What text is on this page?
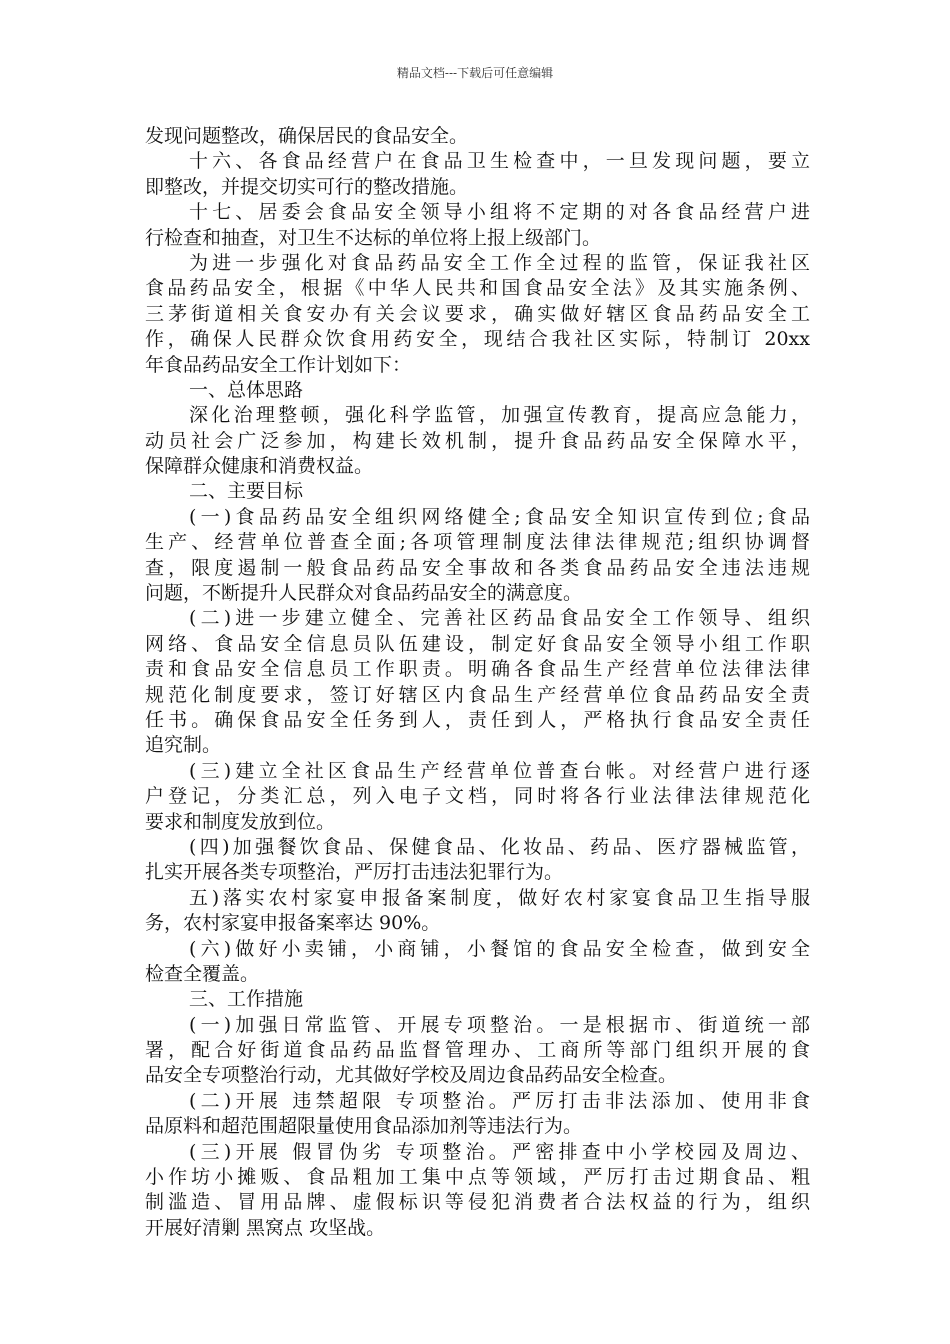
精品文档---下载后可任意编辑
发现问题整改，确保居民的食品安全。
十六、各食品经营户在食品卫生检查中，一旦发现问题，要立
即整改，并提交切实可行的整改措施。
十七、居委会食品安全领导小组将不定期的对各食品经营户进
行检查和抽查，对卫生不达标的单位将上报上级部门。
为进一步强化对食品药品安全工作全过程的监管，保证我社区
食品药品安全，根据《中华人民共和国食品安全法》及其实施条例、
三茅街道相关食安办有关会议要求，确实做好辖区食品药品安全工
作，确保人民群众饮食用药安全，现结合我社区实际，特制订 20xx
年食品药品安全工作计划如下：
一、总体思路
深化治理整顿，强化科学监管，加强宣传教育，提高应急能力，
动员社会广泛参加，构建长效机制，提升食品药品安全保障水平，
保障群众健康和消费权益。
二、主要目标
(一)食品药品安全组织网络健全;食品安全知识宣传到位;食品
生产、经营单位普查全面;各项管理制度法律法律规范;组织协调督
查，限度遏制一般食品药品安全事故和各类食品药品安全违法违规
问题，不断提升人民群众对食品药品安全的满意度。
(二)进一步建立健全、完善社区药品食品安全工作领导、组织
网络、食品安全信息员队伍建设，制定好食品安全领导小组工作职
责和食品安全信息员工作职责。明确各食品生产经营单位法律法律
规范化制度要求，签订好辖区内食品生产经营单位食品药品安全责
任书。确保食品安全任务到人，责任到人，严格执行食品安全责任
追究制。
(三)建立全社区食品生产经营单位普查台帐。对经营户进行逐
户登记，分类汇总，列入电子文档，同时将各行业法律法律规范化
要求和制度发放到位。
(四)加强餐饮食品、保健食品、化妆品、药品、医疗器械监管，
扎实开展各类专项整治，严厉打击违法犯罪行为。
五)落实农村家宴申报备案制度，做好农村家宴食品卫生指导服
务，农村家宴申报备案率达 90%。
(六)做好小卖铺，小商铺，小餐馆的食品安全检查，做到安全
检查全覆盖。
三、工作措施
(一)加强日常监管、开展专项整治。一是根据市、街道统一部
署，配合好街道食品药品监督管理办、工商所等部门组织开展的食
品安全专项整治行动，尤其做好学校及周边食品药品安全检查。
(二)开展 违禁超限 专项整治。严厉打击非法添加、使用非食
品原料和超范围超限量使用食品添加剂等违法行为。
(三)开展 假冒伪劣 专项整治。严密排查中小学校园及周边、
小作坊小摊贩、食品粗加工集中点等领域，严厉打击过期食品、粗
制滥造、冒用品牌、虚假标识等侵犯消费者合法权益的行为，组织
开展好清剿 黑窝点 攻坚战。
